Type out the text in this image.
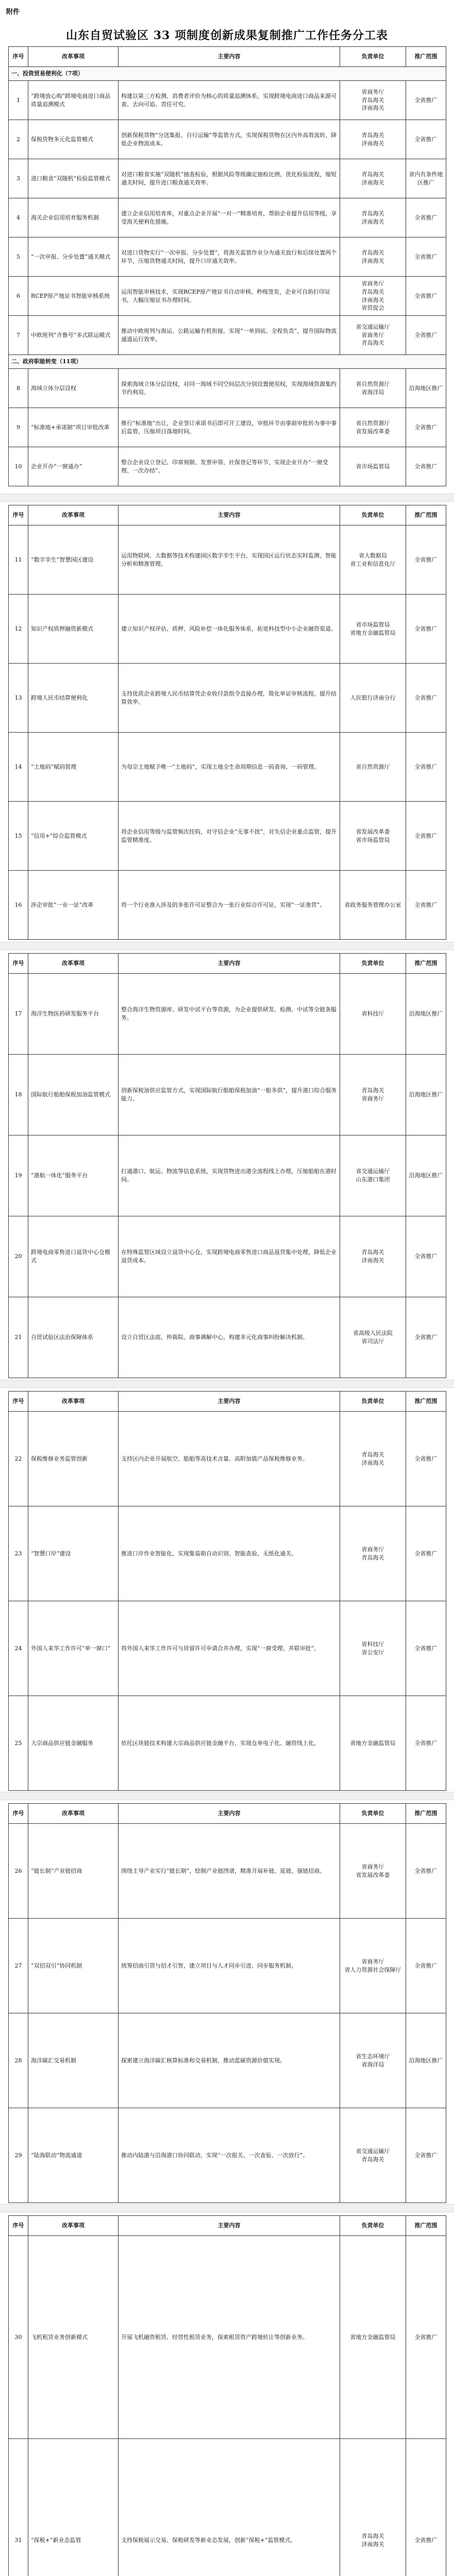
附件
山东自贸试验区 33 项制度创新成果复制推广工作任务分工表
序号	改革事项	主要内容	负责单位	推广范围
一、投资贸易便利化（7项）				
1	“跨境放心购”跨境电商进口商品质量追溯模式	构建以第三方检测、消费者评价为核心的质量追溯体系，实现跨境电商进口商品来源可查、去向可追、责任可究。	省商务厅
青岛海关
济南海关	全省推广
2	保税货物多元化监管模式	创新保税货物“分送集报、自行运输”等监管方式，实现保税货物在区内外高效流转，降低企业物流成本。	青岛海关
济南海关	全省推广
3	进口粮食“双随机”检验监管模式	对进口粮食实施“双随机”抽查检验，根据风险等级确定抽检比例，优化检验流程，缩短通关时间，提升进口粮食通关效率。	青岛海关
济南海关	省内有条件地区推广
4	海关企业信用培育服务机制	建立企业信用培育库，对重点企业开展“一对一”精准培育，帮助企业提升信用等级，享受海关便利化措施。	青岛海关
济南海关	全省推广
5	“一次申报、分步处置”通关模式	对进口货物实行“一次申报、分步处置”，将海关监管作业分为通关放行和后续处置两个环节，压缩货物通关时间，提升口岸通关效率。	青岛海关
济南海关	全省推广
6	RCEP原产地证书智能审核系统	运用智能审核技术，实现RCEP原产地证书自动审核、秒级签发，企业可自助打印证书，大幅压缩证书办理时间。	省商务厅
青岛海关
济南海关
省贸促会	全省推广
7	中欧班列“齐鲁号”多式联运模式	推动中欧班列与海运、公路运输有机衔接，实现“一单到底、全程负责”，提升国际物流通道运行效率。	省交通运输厅
省商务厅
青岛海关	全省推广
二、政府职能转变（11项）				
8	海域立体分层设权	探索海域立体分层设权，对同一海域不同空间层次分别设置使用权，实现海域资源集约节约利用。	省自然资源厅
省海洋局	沿海地区推广
9	“标准地+承诺制”项目审批改革	推行“标准地”出让，企业签订承诺书后即可开工建设，审批环节由事前审批转为事中事后监管，压缩项目落地时间。	省自然资源厅
省发展改革委	全省推广
10	企业开办“一窗通办”	整合企业设立登记、印章刻制、发票申领、社保登记等环节，实现企业开办“一窗受理、一次办结”。	省市场监管局	全省推广
序号	改革事项	主要内容	负责单位	推广范围
11	“数字孪生”智慧园区建设	运用物联网、大数据等技术构建园区数字孪生平台，实现园区运行状态实时监测、智能分析和精准管理。	省大数据局
省工业和信息化厅	全省推广
12	知识产权质押融资新模式	建立知识产权评估、质押、风险补偿一体化服务体系，拓宽科技型中小企业融资渠道。	省市场监管局
省地方金融监管局	全省推广
13	跨境人民币结算便利化	支持优质企业跨境人民币结算凭企业收付款指令直接办理，简化单证审核流程，提升结算效率。	人民银行济南分行	全省推广
14	“土地码”赋码管理	为每宗土地赋予唯一“土地码”，实现土地全生命周期信息一码查询、一码管理。	省自然资源厅	全省推广
15	“信用+”综合监管模式	将企业信用等级与监管频次挂钩，对守信企业“无事不扰”，对失信企业重点监管，提升监管精准度。	省发展改革委
省市场监管局	全省推广
16	涉企审批“一业一证”改革	将一个行业准入涉及的多张许可证整合为一张行业综合许可证，实现“一证准营”。	省政务服务管理办公室	全省推广
序号	改革事项	主要内容	负责单位	推广范围
17	海洋生物医药研发服务平台	整合海洋生物资源库、研发中试平台等资源，为企业提供研发、检测、中试等全链条服务。	省科技厅	沿海地区推广
18	国际航行船舶保税加油监管模式	创新保税油供应监管方式，实现国际航行船舶保税加油“一船多供”，提升港口综合服务能力。	青岛海关
省商务厅	沿海地区推广
19	“港航一体化”服务平台	打通港口、航运、物流等信息系统，实现货物进出港全流程线上办理，压缩船舶在港时间。	省交通运输厅
山东港口集团	沿海地区推广
20	跨境电商零售进口退货中心仓模式	在特殊监管区域设立退货中心仓，实现跨境电商零售进口商品退货集中处理，降低企业退货成本。	青岛海关
济南海关	全省推广
21	自贸试验区法治保障体系	设立自贸区法庭、仲裁院、商事调解中心，构建多元化商事纠纷解决机制。	省高级人民法院
省司法厅	全省推广
序号	改革事项	主要内容	负责单位	推广范围
22	保税维修业务监管创新	支持区内企业开展航空、船舶等高技术含量、高附加值产品保税维修业务。	青岛海关
济南海关	全省推广
23	“智慧口岸”建设	推进口岸作业智能化，实现集装箱自动识别、智能查验、无纸化通关。	省商务厅
青岛海关	全省推广
24	外国人来华工作许可“单一窗口”	将外国人来华工作许可与居留许可申请合并办理，实现“一窗受理、并联审批”。	省科技厅
省公安厅	全省推广
25	大宗商品供应链金融服务	依托区块链技术构建大宗商品供应链金融平台，实现仓单电子化、融资线上化。	省地方金融监管局	全省推广
序号	改革事项	主要内容	负责单位	推广范围
26	“链长制”产业链招商	围绕主导产业实行“链长制”，绘制产业链图谱，精准开展补链、延链、强链招商。	省商务厅
省发展改革委	全省推广
27	“双招双引”协同机制	统筹招商引资与招才引智，建立项目与人才同步引进、同步服务机制。	省商务厅
省人力资源社会保障厅	全省推广
28	海洋碳汇交易机制	探索建立海洋碳汇核算标准和交易机制，推动蓝碳资源价值实现。	省生态环境厅
省海洋局	沿海地区推广
29	“陆海联动”物流通道	推动内陆港与沿海港口协同联动，实现“一次报关、一次查验、一次放行”。	省交通运输厅
青岛海关	全省推广
序号	改革事项	主要内容	负责单位	推广范围
30	飞机租赁业务创新模式	开展飞机融资租赁、经营性租赁业务，探索租赁资产跨境转让等创新业务。	省地方金融监管局	全省推广
31	“保税+”新业态监管	支持保税展示交易、保税研发等新业态发展，创新“保税+”监管模式。	青岛海关
济南海关	全省推广
